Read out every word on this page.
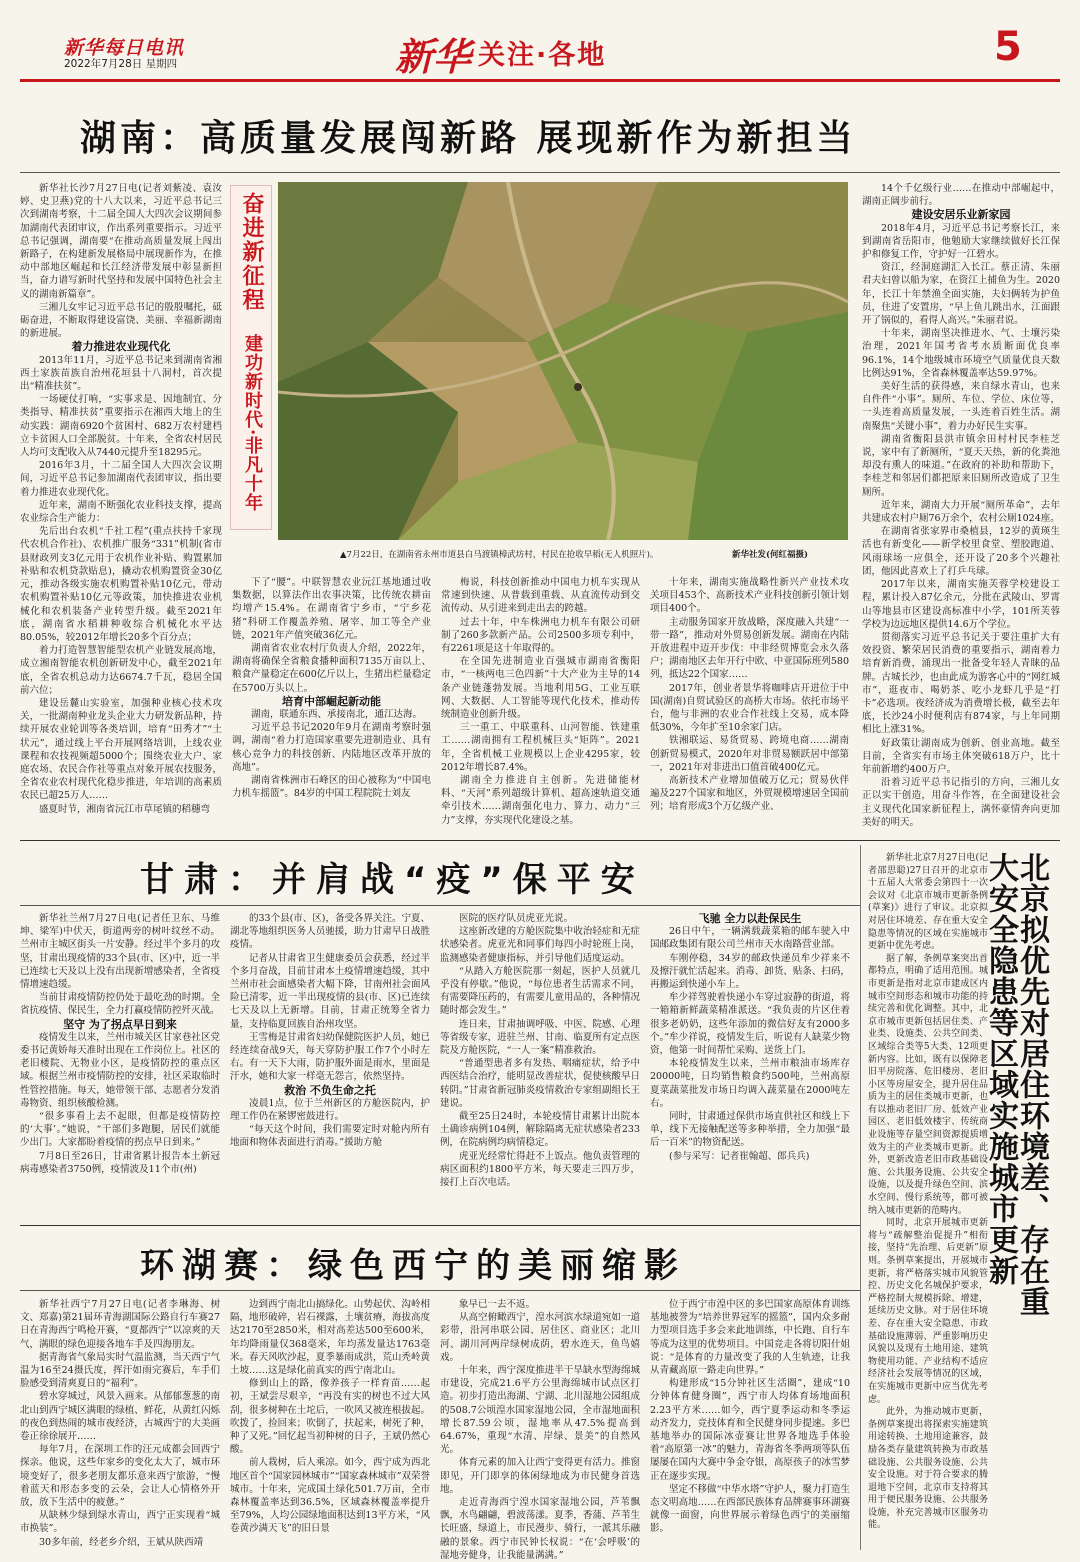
新华每日电讯
2022年7月28日 星期四	新华 关注·各地	5
湖南：高质量发展闯新路 展现新作为新担当

新华社长沙7月27日电(记者刘紫凌、袁汝婷、史卫燕)党的十八大以来，习近平总书记三次到湖南考察，十二届全国人大四次会议期间参加湖南代表团审议，作出系列重要指示。习近平总书记强调，湖南要“在推动高质量发展上闯出新路子，在构建新发展格局中展现新作为，在推动中部地区崛起和长江经济带发展中彰显新担当，奋力谱写新时代坚持和发展中国特色社会主义的湖南新篇章”。

三湘儿女牢记习近平总书记的殷殷嘱托，砥砺奋进，不断取得建设富饶、美丽、幸福新湖南的新进展。

着力推进农业现代化

2013年11月，习近平总书记来到湖南省湘西土家族苗族自治州花垣县十八洞村，首次提出“精准扶贫”。

一场硬仗打响，“实事求是、因地制宜、分类指导、精准扶贫”重要指示在湘西大地上的生动实践：湖南6920个贫困村、682万农村建档立卡贫困人口全部脱贫。十年来，全省农村居民人均可支配收入从7440元提升至18295元。

2016年3月，十二届全国人大四次会议期间，习近平总书记参加湖南代表团审议，指出要着力推进农业现代化。

近年来，湖南不断强化农业科技支撑，提高农业综合生产能力：

先后出台农机“千社工程”(重点扶持千家现代农机合作社)、农机推广服务“331”机制(省市县财政列支3亿元用于农机作业补贴、购置累加补贴和农机贷款贴息)，撬动农机购置资金30亿元，推动各级实施农机购置补贴10亿元，带动农机购置补贴10亿元等政策，加快推进农业机械化和农机装备产业转型升级。截至2021年底，湖南省水稻耕种收综合机械化水平达80.05%，较2012年增长20多个百分点；

着力打造智慧智能型农机产业链发展高地，成立湘南智能农机创新研发中心，截至2021年底，全省农机总动力达6674.7千瓦，稳居全国前六位；

建设岳麓山实验室，加强种业核心技术攻关，一批湖南种业龙头企业大力研发新品种，持续开展农业轮训等各类培训，培育“田秀才”“土状元”，通过线上平台开展网络培训，上线农业课程和农技视频超5000个；围绕农业大户、家庭农场、农民合作社等重点对象开展农技服务，全省农业农村现代化稳步推进，年培训的高素质农民已超25万人……

盛夏时节，湘南省沅江市草尾镇的稻穗弯

奋进新征程
建功新时代·非凡十年
▲7月22日，在湖南省永州市道县白马渡镇樟武坊村，村民在抢收早稻(无人机照片)。	新华社发(何红福摄)

下了“腰”。中联智慧农业沅江基地通过收集数据，以算法作出农事决策，比传统农耕亩均增产15.4%。在湖南省宁乡市，“宁乡花猪”科研工作覆盖养殖、屠宰、加工等全产业链，2021年产值突破36亿元。

湖南省农业农村厅负责人介绍，2022年，湖南将确保全省粮食播种面积7135万亩以上、粮食产量稳定在600亿斤以上，生猪出栏量稳定在5700万头以上。

培育中部崛起新动能

湖南，联通东西、承接南北，通江达海。

习近平总书记2020年9月在湖南考察时强调，湖南“着力打造国家重要先进制造业、具有核心竞争力的科技创新、内陆地区改革开放的高地”。

湖南省株洲市石峰区的田心被称为“中国电力机车摇篮”。84岁的中国工程院院士刘友

梅说，科技创新推动中国电力机车实现从常速到快速、从普载到重载、从直流传动到交流传动、从引进来到走出去的跨越。

过去十年，中车株洲电力机车有限公司研制了260多款新产品。公司2500多项专利中，有2261项是这十年取得的。

在全国先进制造业百强城市湖南省衡阳市，“一核两电三色四新”十大产业为主导的14条产业链蓬勃发展。当地利用5G、工业互联网、大数据、人工智能等现代化技术，推动传统制造业创新升级。

三一重工、中联重科、山河智能、铁建重工……湖南拥有工程机械巨头“矩阵”。2021年，全省机械工业规模以上企业4295家，较2012年增长87.4%。

湖南全力推进自主创新。先进储能材料、“天河”系列超级计算机、超高速轨道交通牵引技术……湖南强化电力、算力、动力“三力”支撑，夯实现代化建设之基。

十年来，湖南实施战略性新兴产业技术攻关项目453个、高新技术产业科技创新引领计划项目400个。

主动服务国家开放战略，深度融入共建“一带一路”，推动对外贸易创新发展。湖南在内陆开放进程中迈开步伐：中非经贸博览会永久落户；湖南地区去年开行中欧、中亚国际班列580列，抵达22个国家……

2017年，创业者景华将咖啡店开进位于中国(湖南)自贸试验区的高桥大市场。依托市场平台，他与非洲的农业合作社线上交易，成本降低30%，今年扩至10余家门店。

铁湘联运、易货贸易、跨境电商……湖南创新贸易模式，2020年对非贸易额跃居中部第一，2021年对非进出口值首破400亿元。

高新技术产业增加值破万亿元；贸易伙伴遍及227个国家和地区，外贸规模增速居全国前列；培育形成3个万亿级产业、

14个千亿级行业……在推动中部崛起中，湖南正阔步前行。

建设安居乐业新家园

2018年4月，习近平总书记考察长江，来到湖南省岳阳市，他勉励大家继续做好长江保护和修复工作，守护好一江碧水。

资江，经洞庭湖汇入长江。蔡正清、朱丽君夫妇曾以船为家，在资江上捕鱼为生。2020年，长江十年禁渔全面实施，夫妇俩转为护鱼员，住进了安置房，“早上鱼儿跳出水，江面跟开了锅似的，看得人高兴。”朱丽君说。

十年来，湖南坚决推进水、气、土壤污染治理，2021年国考省考水质断面优良率96.1%，14个地级城市环境空气质量优良天数比例达91%，全省森林覆盖率达59.97%。

美好生活的获得感，来自绿水青山，也来自件件“小事”。厕所、车位、学位、床位等，一头连着高质量发展，一头连着百姓生活。湖南聚焦“关键小事”，着力办好民生实事。

湖南省衡阳县洪市镇余田村村民李桂芝说，家中有了新厕所，“夏天天热，新的化粪池却没有熏人的味道。”在政府的补助和帮助下，李桂芝和邻居们都把原来旧厕所改造成了卫生厕所。

近年来，湖南大力开展“厕所革命”，去年共建成农村户厕76万余个，农村公厕1024座。

在湖南省张家界市桑植县，12岁的黄瑛生活也有新变化——新学校里食堂、塑胶跑道、风雨球场一应俱全，还开设了20多个兴趣社团，他因此喜欢上了打乒乓球。

2017年以来，湖南实施芙蓉学校建设工程，累计投入87亿余元，分批在武陵山、罗霄山等地县市区建设高标准中小学，101所芙蓉学校为边远地区提供14.6万个学位。

贯彻落实习近平总书记关于要注重扩大有效投资、繁荣居民消费的重要指示，湖南着力培育新消费，涌现出一批备受年轻人青睐的品牌。古城长沙，也由此成为游客心中的“网红城市”，逛夜市、喝奶茶、吃小龙虾几乎是“打卡”必选项。夜经济成为消费增长极，截至去年底，长沙24小时便利店有874家，与上年同期相比上涨31%。

好政策让湖南成为创新、创业高地。截至目前，全省实有市场主体突破618万户，比十年前新增约400万户。

沿着习近平总书记指引的方向，三湘儿女正以实干创造，用奋斗作答，在全面建设社会主义现代化国家新征程上，满怀豪情奔向更加美好的明天。

甘肃：并肩战“疫”保平安

新华社兰州7月27日电(记者任卫东、马维坤、梁军)中伏天，街道两旁的树叶纹丝不动。兰州市主城区街头一片安静。经过半个多月的攻坚，甘肃出现疫情的33个县(市、区)中，近一半已连续七天及以上没有出现新增感染者，全省疫情增速趋缓。

当前甘肃疫情防控仍处于最吃劲的时期。全省抗疫情、保民生，全力打赢疫情防控歼灭战。

坚守 为了拐点早日到来

疫情发生以来，兰州市城关区甘家巷社区党委书记黄娇每天准时出现在工作岗位上。社区的老旧楼院、无物业小区，是疫情防控的重点区域。根据兰州市疫情防控的安排，社区采取临时性管控措施。每天，她带领干部、志愿者分发消毒物资、组织核酸检测。

“很多事看上去不起眼，但都是疫情防控的‘大事’。”她说，“干部们多跑腿，居民们就能少出门。大家都盼着疫情的拐点早日到来。”

7月8日至26日，甘肃省累计报告本土新冠病毒感染者3750例，疫情波及11个市(州)

的33个县(市、区)，备受各界关注。宁夏、湖北等地组织医务人员驰援，助力甘肃早日战胜疫情。

记者从甘肃省卫生健康委员会获悉，经过半个多月奋战，目前甘肃本土疫情增速趋缓，其中兰州市社会面感染者大幅下降，甘南州社会面风险已清零，近一半出现疫情的县(市、区)已连续七天及以上无新增。目前，甘肃正统筹全省力量，支持临夏回族自治州攻坚。

王雪梅是甘肃省妇幼保健院医护人员，她已经连续奋战9天，每天穿防护服工作7个小时左右。有一天下大雨，防护服外面是雨水，里面是汗水，她和大家一样毫无怨言，依然坚持。

救治 不负生命之托

凌晨1点，位于兰州新区的方舱医院内，护理工作仍在紧锣密鼓进行。

“每天这个时间，我们需要定时对舱内所有地面和物体表面进行消毒。”援助方舱

医院的医疗队员虎亚光说。

这座新改建的方舱医院集中收治轻症和无症状感染者。虎亚光和同事们每四小时轮班上岗，监测感染者健康指标，并引导他们适度运动。

“从踏入方舱医院那一刻起，医护人员就几乎没有停歇。”他说，“每位患者生活需求不同，有需要降压药的，有需要儿童用品的，各种情况随时都会发生。”

连日来，甘肃抽调呼吸、中医、院感、心理等省级专家，进驻兰州、甘南、临夏所有定点医院及方舱医院，“一人一案”精准救治。

“普通型患者多有发热、咽痛症状，给予中西医结合治疗，能明显改善症状，促使核酸早日转阴。”甘肃省新冠肺炎疫情救治专家组副组长王建说。

截至25日24时，本轮疫情甘肃累计出院本土确诊病例104例，解除隔离无症状感染者233例，在院病例均病情稳定。

虎亚光经常忙得赶不上饭点。他负责管理的病区面积约1800平方米，每天要走三四万步，接打上百次电话。

飞驰 全力以赴保民生

26日中午，一辆满载蔬菜箱的邮车驶入中国邮政集团有限公司兰州市天水南路营业部。

车刚停稳，34岁的邮政快递员牟少祥来不及擦汗就忙活起来。消毒、卸货、贴条、扫码，再搬运到快递小车上。

牟少祥驾驶着快递小车穿过寂静的街道，将一箱箱新鲜蔬菜精准派送。“我负责的片区住着很多老奶奶，这些年添加的微信好友有2000多个。”牟少祥说，疫情发生后，听说有人缺菜少物资，他第一时间帮忙采购、送货上门。

本轮疫情发生以来，兰州市粮油市场库存20000吨，日均销售粮食约500吨，兰州高原夏菜蔬菜批发市场日均调入蔬菜量在2000吨左右。

同时，甘肃通过保供市场直供社区和线上下单，线下无接触配送等多种举措，全力加强“最后一百米”的物资配送。

(参与采写：记者崔翰超、郎兵兵)	北京拟优先对居住环境差、存在重大安全隐患等区域实施城市更新

新华社北京7月27日电(记者邵思聪)27日召开的北京市十五届人大常委会第四十一次会议对《北京市城市更新条例(草案)》进行了审议。北京拟对居住环境差、存在重大安全隐患等情况的区域在实施城市更新中优先考虑。

据了解，条例草案突出首都特点，明确了适用范围。城市更新是指对北京市建成区内城市空间形态和城市功能的持续完善和优化调整。其中，北京市城市更新包括居住类、产业类、设施类、公共空间类、区域综合类等5大类、12项更新内容。比如，既有以保障老旧平房院落、危旧楼房、老旧小区等房屋安全，提升居住品质为主的居住类城市更新，也有以推动老旧厂房、低效产业园区、老旧低效楼宇、传统商业设施等存量空间资源提质增效为主的产业类城市更新。此外，更新改造老旧市政基础设施、公共服务设施、公共安全设施，以及提升绿色空间、滨水空间、慢行系统等，都可被纳入城市更新的范畴内。

同时，北京开展城市更新将与“疏解整治促提升”相衔接，坚持“先治理、后更新”原则。条例草案提出，开展城市更新，将严格落实城市风貌管控、历史文化名城保护要求，严格控制大规模拆除、增建，延续历史文脉。对于居住环境差、存在重大安全隐患、市政基础设施薄弱、严重影响历史风貌以及现有土地用途、建筑物使用功能、产业结构不适应经济社会发展等情况的区域，在实施城市更新中应当优先考虑。

此外，为推动城市更新，条例草案提出将探索实施建筑用途转换、土地用途兼容，鼓励各类存量建筑转换为市政基础设施、公共服务设施、公共安全设施。对于符合要求的腾退地下空间，北京市支持将其用于便民服务设施、公共服务设施，补充完善城市区服务功能。

环湖赛：绿色西宁的美丽缩影

新华社西宁7月27日电(记者李琳海、树文、郑嘉)第21届环青海湖国际公路自行车赛27日在青海西宁鸣枪开赛，“夏都西宁”以凉爽的天气，满眼的绿色迎接各地车手及四海朋友。

据青海省气象局实时气温监测，当天西宁气温为16至24摄氏度，挥汗如雨完赛后，车手们脸感受到清爽夏日的“福利”。

碧水穿城过，风景入画来。从郁郁葱葱的南北山到西宁城区满眼的绿植、鲜花，从黄红闪烁的夜色到热闹的城市夜经济，古城西宁的大美画卷正徐徐展开……

每年7月，在深圳工作的汪元成都会回西宁探亲。他说，这些年家乡的变化太大了，城市环境变好了，很多老朋友都乐意来西宁旅游，“慢着蓝天和形态多变的云朵，会让人心情格外开放，放下生活中的疲惫。”

从缺林少绿到绿水青山，西宁正实现着“城市换装”。

30多年前，经老乡介绍，王斌从陕西靖

边到西宁南北山搞绿化。山势起伏、沟岭相隔，地形破碎，岩石裸露，土壤贫瘠，海拔高度达2170至2850米，相对高差达500至600米，年均降雨量仅368毫米，年均蒸发量达1763毫米。春天风吹沙起，夏季暴雨成洪，荒山秃岭黄土坡……这是绿化前真实的西宁南北山。

修到山上的路，像养孩子一样育苗……起初，王斌尝尽艰辛，“再没有实的树也不过大风刮，很多树种在土坨后，一吹风又被连根拔起。吹拨了，捡回来；吹倒了，扶起来，树死了种，种了又死。”回忆起当初种树的日子，王斌仍然心酸。

前人栽树，后人乘凉。如今，西宁成为西北地区首个“国家园林城市”“国家森林城市”双荣誉城市。十年来，完成国土绿化501.7万亩，全市森林覆盖率达到36.5%，区域森林覆盖率提升至79%，人均公园绿地面积达到13平方米，“风卷黄沙满天飞”的旧日景

象早已一去不返。

从高空俯瞰西宁，湟水河滨水绿道宛如一道彩带，沿河串联公园、居住区、商业区；北川河、湖川河两岸绿树成荫，碧水连天，鱼鸟嬉戏。

十年来，西宁深度推进半干旱缺水型海绵城市建设，完成21.6平方公里海绵城市试点区打造。初步打造出海湖、宁湖、北川湿地公园组成的508.7公顷湟水国家湿地公园，全市湿地面积增长87.59公顷，湿地率从47.5%提高到64.67%，重现“水清、岸绿、景美”的自然风光。

体育元素的加入让西宁变得更有活力。推窗即见，开门即享的体闲绿地成为市民健身首选地。

走近青海西宁湟水国家湿地公园，芦苇飘飘，水鸟翩翩，碧波荡漾。夏季，香蒲、芦苇生长旺盛，绿道上，市民漫步、骑行，一派其乐融融的景象。西宁市民钟长权说：“在‘会呼吸’的湿地旁健身，让我能量满满。”

位于西宁市湟中区的多巴国家高原体育训练基地被誉为“培养世界冠军的摇篮”，国内众多耐力型项目选手多会来此地训练，中长跑、自行车等成为这里的优势项目。中国竞走各将切阳什姐说：“是体育的力量改变了我的人生轨迹，让我从青藏高原一路走向世界。”

构建形成“15分钟社区生活圈”，建成“10分钟体育健身圈”，西宁市人均体育场地面积2.23平方米……如今，西宁夏季运动和冬季运动齐发力，竞技体育和全民健身同步提速。多巴基地举办的国际冰壶赛让世界各地选手体验着“高原第一冰”的魅力，青海省冬季两项等队伍屡屡在国内大赛中争金夺银，高原孩子的冰雪梦正在逐步实现。

坚定不移做“中华水塔”守护人，聚力打造生态文明高地……在西部民族体育品牌赛事环湖赛就像一面窗，向世界展示着绿色西宁的美丽缩影。
